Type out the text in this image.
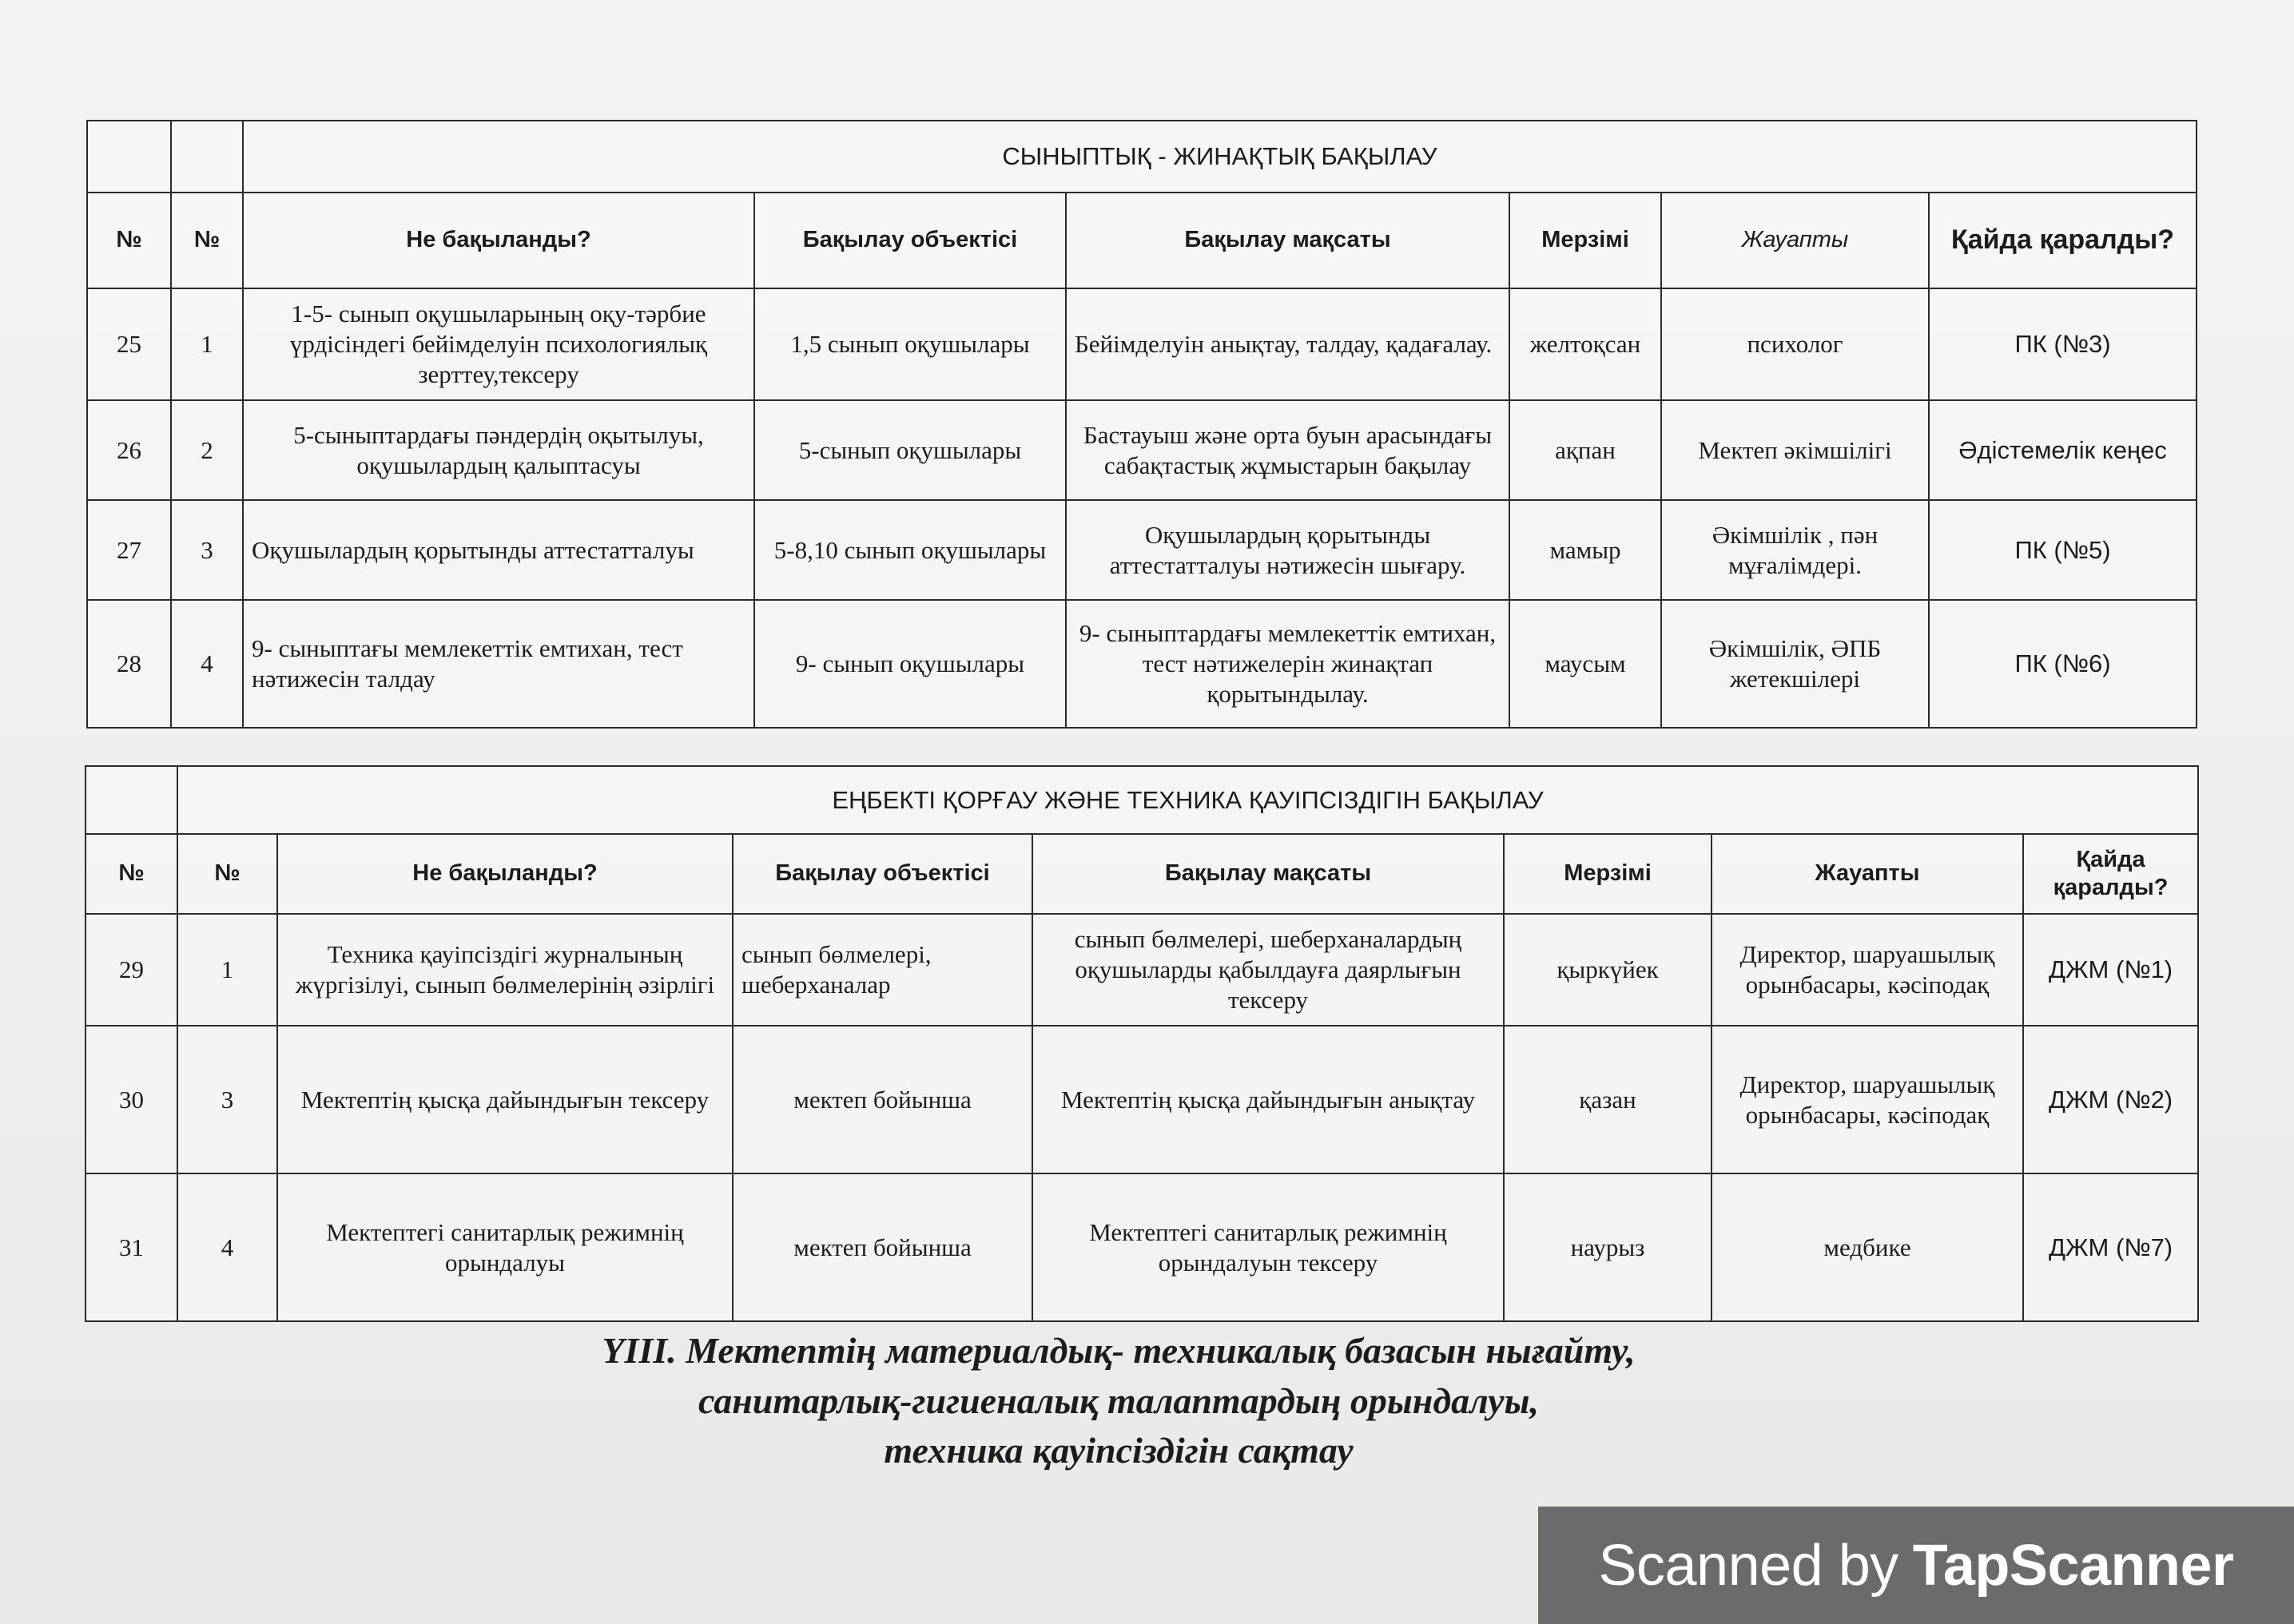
		СЫНЫПТЫҚ - ЖИНАҚТЫҚ БАҚЫЛАУ					
№	№	Не бақыланды?	Бақылау объектісі	Бақылау мақсаты	Мерзімі	Жауапты	Қайда қаралды?
25	1	1-5- сынып оқушыларының оқу-тәрбие үрдісіндегі бейімделуін психологиялық зерттеу,тексеру	1,5 сынып оқушылары	Бейімделуін анықтау, талдау, қадағалау.	желтоқсан	психолог	ПК (№3)
26	2	5-сыныптардағы пәндердің оқытылуы, оқушылардың қалыптасуы	5-сынып оқушылары	Бастауыш және орта буын арасындағы сабақтастық жұмыстарын бақылау	ақпан	Мектеп әкімшілігі	Әдістемелік кеңес
27	3	Оқушылардың қорытынды аттестатталуы	5-8,10 сынып оқушылары	Оқушылардың қорытынды аттестатталуы нәтижесін шығару.	мамыр	Әкімшілік , пән мұғалімдері.	ПК (№5)
28	4	9- сыныптағы мемлекеттік емтихан, тест нәтижесін талдау	9- сынып оқушылары	9- сыныптардағы мемлекеттік емтихан, тест нәтижелерін жинақтап қорытындылау.	маусым	Әкімшілік, ӘПБ жетекшілері	ПК (№6)
	ЕҢБЕКТІ ҚОРҒАУ ЖӘНЕ ТЕХНИКА ҚАУІПСІЗДІГІН БАҚЫЛАУ						
№	№	Не бақыланды?	Бақылау объектісі	Бақылау мақсаты	Мерзімі	Жауапты	Қайда қаралды?
29	1	Техника қауіпсіздігі журналының жүргізілуі, сынып бөлмелерінің әзірлігі	сынып бөлмелері, шеберханалар	сынып бөлмелері, шеберханалардың оқушыларды қабылдауға даярлығын тексеру	қыркүйек	Директор, шаруашылық орынбасары, кәсіподақ	ДЖМ (№1)
30	3	Мектептің қысқа дайындығын тексеру	мектеп бойынша	Мектептің қысқа дайындығын анықтау	қазан	Директор, шаруашылық орынбасары, кәсіподақ	ДЖМ (№2)
31	4	Мектептегі санитарлық режимнің орындалуы	мектеп бойынша	Мектептегі санитарлық режимнің орындалуын тексеру	наурыз	медбике	ДЖМ (№7)
ҮІІІ. Мектептің материалдық- техникалық базасын нығайту,
санитарлық-гигиеналық талаптардың орындалуы,
техника қауіпсіздігін сақтау
Scanned by TapScanner
